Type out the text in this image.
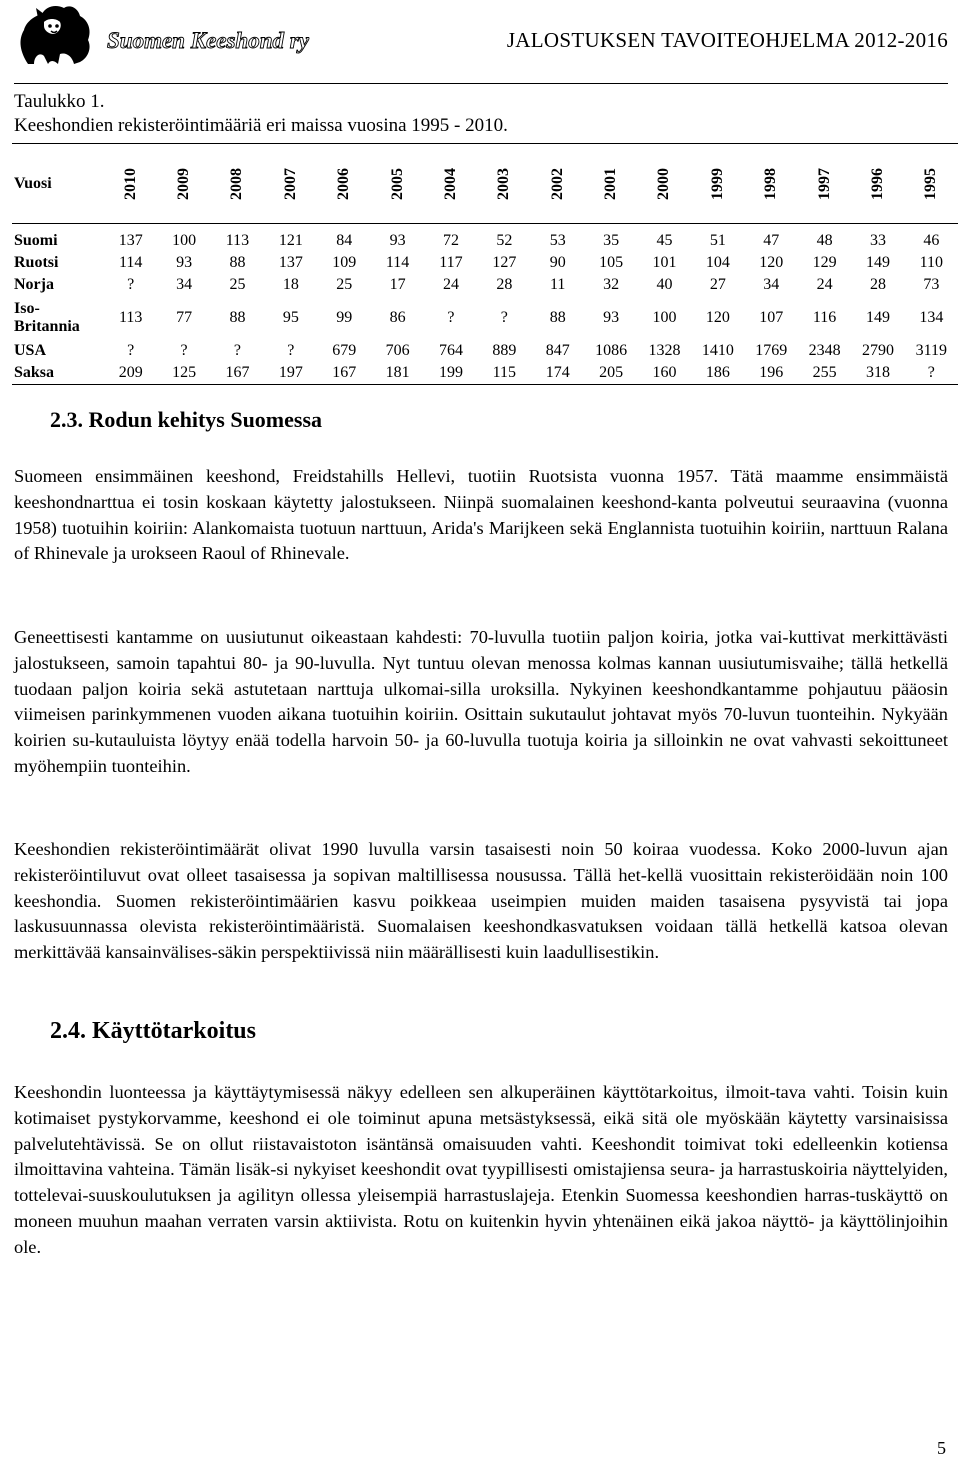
Suomen Keeshond ry	JALOSTUKSEN TAVOITEOHJELMA 2012-2016
Taulukko 1.
Keeshondien rekisteröintimääriä eri maissa vuosina 1995 - 2010.
Vuosi	2010	2009	2008	2007	2006	2005	2004	2003	2002	2001	2000	1999	1998	1997	1996	1995

Suomi	137	100	113	121	84	93	72	52	53	35	45	51	47	48	33	46
Ruotsi	114	93	88	137	109	114	117	127	90	105	101	104	120	129	149	110
Norja	?	34	25	18	25	17	24	28	11	32	40	27	34	24	28	73
Iso-Britannia	113	77	88	95	99	86	?	?	88	93	100	120	107	116	149	134
USA	?	?	?	?	679	706	764	889	847	1086	1328	1410	1769	2348	2790	3119
Saksa	209	125	167	197	167	181	199	115	174	205	160	186	196	255	318	?
2.3. Rodun kehitys Suomessa

Suomeen ensimmäinen keeshond, Freidstahills Hellevi, tuotiin Ruotsista vuonna 1957. Tätä maamme ensimmäistä keeshondnarttua ei tosin koskaan käytetty jalostukseen. Niinpä suomalainen keeshond-kanta polveutui seuraavina (vuonna 1958) tuotuihin koiriin: Alankomaista tuotuun narttuun, Arida's Marijkeen sekä Englannista tuotuihin koiriin, narttuun Ralana of Rhinevale ja urokseen Raoul of Rhinevale.

Geneettisesti kantamme on uusiutunut oikeastaan kahdesti: 70-luvulla tuotiin paljon koiria, jotka vai-kuttivat merkittävästi jalostukseen, samoin tapahtui 80- ja 90-luvulla. Nyt tuntuu olevan menossa kolmas kannan uusiutumisvaihe; tällä hetkellä tuodaan paljon koiria sekä astutetaan narttuja ulkomai-silla uroksilla. Nykyinen keeshondkantamme pohjautuu pääosin viimeisen parinkymmenen vuoden aikana tuotuihin koiriin. Osittain sukutaulut johtavat myös 70-luvun tuonteihin. Nykyään koirien su-kutauluista löytyy enää todella harvoin 50- ja 60-luvulla tuotuja koiria ja silloinkin ne ovat vahvasti sekoittuneet myöhempiin tuonteihin.

Keeshondien rekisteröintimäärät olivat 1990 luvulla varsin tasaisesti noin 50 koiraa vuodessa. Koko 2000-luvun ajan rekisteröintiluvut ovat olleet tasaisessa ja sopivan maltillisessa nousussa. Tällä het-kellä vuosittain rekisteröidään noin 100 keeshondia. Suomen rekisteröintimäärien kasvu poikkeaa useimpien muiden maiden tasaisena pysyvistä tai jopa laskusuunnassa olevista rekisteröintimääristä. Suomalaisen keeshondkasvatuksen voidaan tällä hetkellä katsoa olevan merkittävää kansainvälises-säkin perspektiivissä niin määrällisesti kuin laadullisestikin.

2.4. Käyttötarkoitus

Keeshondin luonteessa ja käyttäytymisessä näkyy edelleen sen alkuperäinen käyttötarkoitus, ilmoit-tava vahti. Toisin kuin kotimaiset pystykorvamme, keeshond ei ole toiminut apuna metsästyksessä, eikä sitä ole myöskään käytetty varsinaisissa palvelutehtävissä. Se on ollut riistavaistoton isäntänsä omaisuuden vahti. Keeshondit toimivat toki edelleenkin kotiensa ilmoittavina vahteina. Tämän lisäk-si nykyiset keeshondit ovat tyypillisesti omistajiensa seura- ja harrastuskoiria näyttelyiden, tottelevai-suuskoulutuksen ja agilityn ollessa yleisempiä harrastuslajeja. Etenkin Suomessa keeshondien harras-tuskäyttö on moneen muuhun maahan verraten varsin aktiivista. Rotu on kuitenkin hyvin yhtenäinen eikä jakoa näyttö- ja käyttölinjoihin ole.

5
